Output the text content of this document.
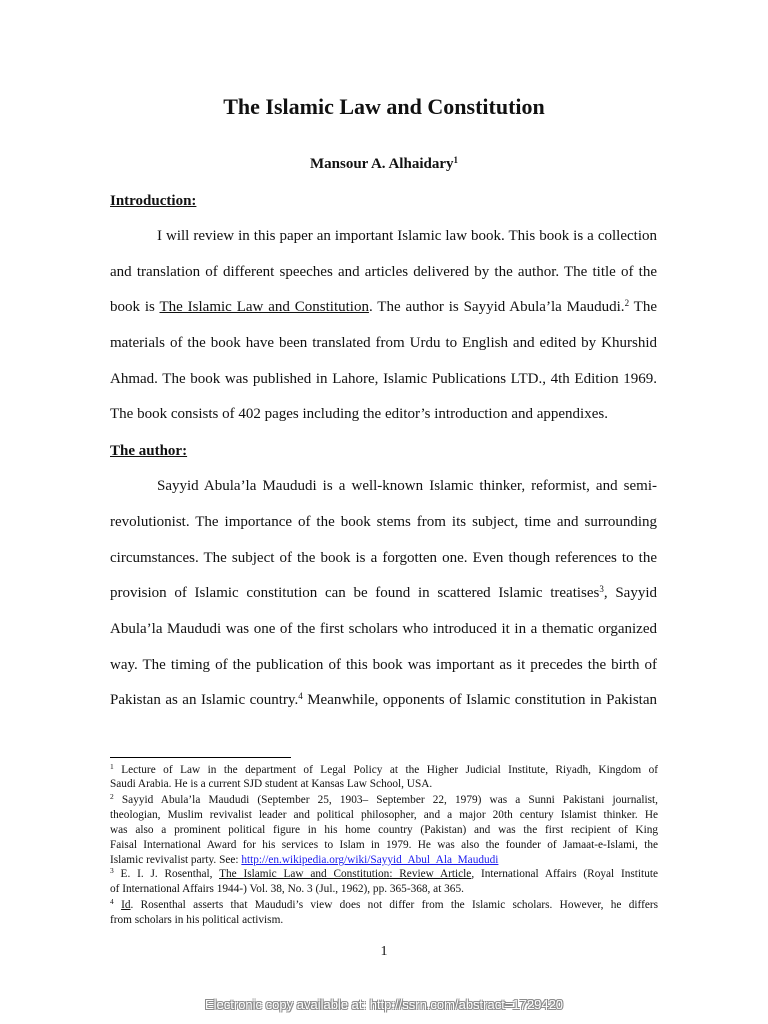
The Islamic Law and Constitution
Mansour A. Alhaidary$^1$
Introduction:
I will review in this paper an important Islamic law book. This book is a collection
and translation of different speeches and articles delivered by the author. The title of the
book is The Islamic Law and Constitution. The author is Sayyid Abula’la Maududi.$^2$ The
materials of the book have been translated from Urdu to English and edited by Khurshid
Ahmad. The book was published in Lahore, Islamic Publications LTD., 4th Edition 1969.
The book consists of 402 pages including the editor’s introduction and appendixes.
The author:
Sayyid Abula’la Maududi is a well-known Islamic thinker, reformist, and semi-
revolutionist. The importance of the book stems from its subject, time and surrounding
circumstances. The subject of the book is a forgotten one. Even though references to the
provision of Islamic constitution can be found in scattered Islamic treatises$^3$, Sayyid
Abula’la Maududi was one of the first scholars who introduced it in a thematic organized
way. The timing of the publication of this book was important as it precedes the birth of
Pakistan as an Islamic country.$^4$ Meanwhile, opponents of Islamic constitution in Pakistan
$^1$ Lecture of Law in the department of Legal Policy at the Higher Judicial Institute, Riyadh, Kingdom of
Saudi Arabia. He is a current SJD student at Kansas Law School, USA.
$^2$ Sayyid Abula’la Maududi (September 25, 1903– September 22, 1979) was a Sunni Pakistani journalist,
theologian, Muslim revivalist leader and political philosopher, and a major 20th century Islamist thinker. He
was also a prominent political figure in his home country (Pakistan) and was the first recipient of King
Faisal International Award for his services to Islam in 1979. He was also the founder of Jamaat-e-Islami, the
Islamic revivalist party. See: http://en.wikipedia.org/wiki/Sayyid_Abul_Ala_Maududi
$^3$ E. I. J. Rosenthal, The Islamic Law and Constitution: Review Article, International Affairs (Royal Institute
of International Affairs 1944-) Vol. 38, No. 3 (Jul., 1962), pp. 365-368, at 365.
$^4$ Id. Rosenthal asserts that Maududi’s view does not differ from the Islamic scholars. However, he differs
from scholars in his political activism.
1
Electronic copy available at: http://ssrn.com/abstract=1729420
